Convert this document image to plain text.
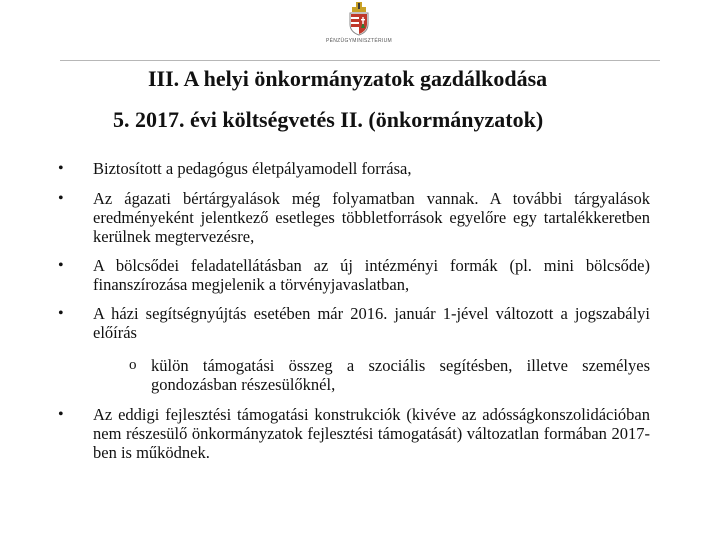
PÉNZÜGYMINISZTÉRIUM
III. A helyi önkormányzatok gazdálkodása
5. 2017. évi költségvetés II. (önkormányzatok)
•	Biztosított a pedagógus életpályamodell forrása,
•	Az ágazati bértárgyalások még folyamatban vannak. A további tárgyalások eredményeként jelentkező esetleges többletforrások egyelőre egy tartalékkeretben kerülnek megtervezésre,
•	A bölcsődei feladatellátásban az új intézményi formák (pl. mini bölcsőde) finanszírozása megjelenik a törvényjavaslatban,
•	A házi segítségnyújtás esetében már 2016. január 1-jével változott a jogszabályi előírás
o külön támogatási összeg a szociális segítésben, illetve személyes gondozásban részesülőknél,
•	Az eddigi fejlesztési támogatási konstrukciók (kivéve az adósságkonszolidációban nem részesülő önkormányzatok fejlesztési támogatását) változatlan formában 2017-ben is működnek.
